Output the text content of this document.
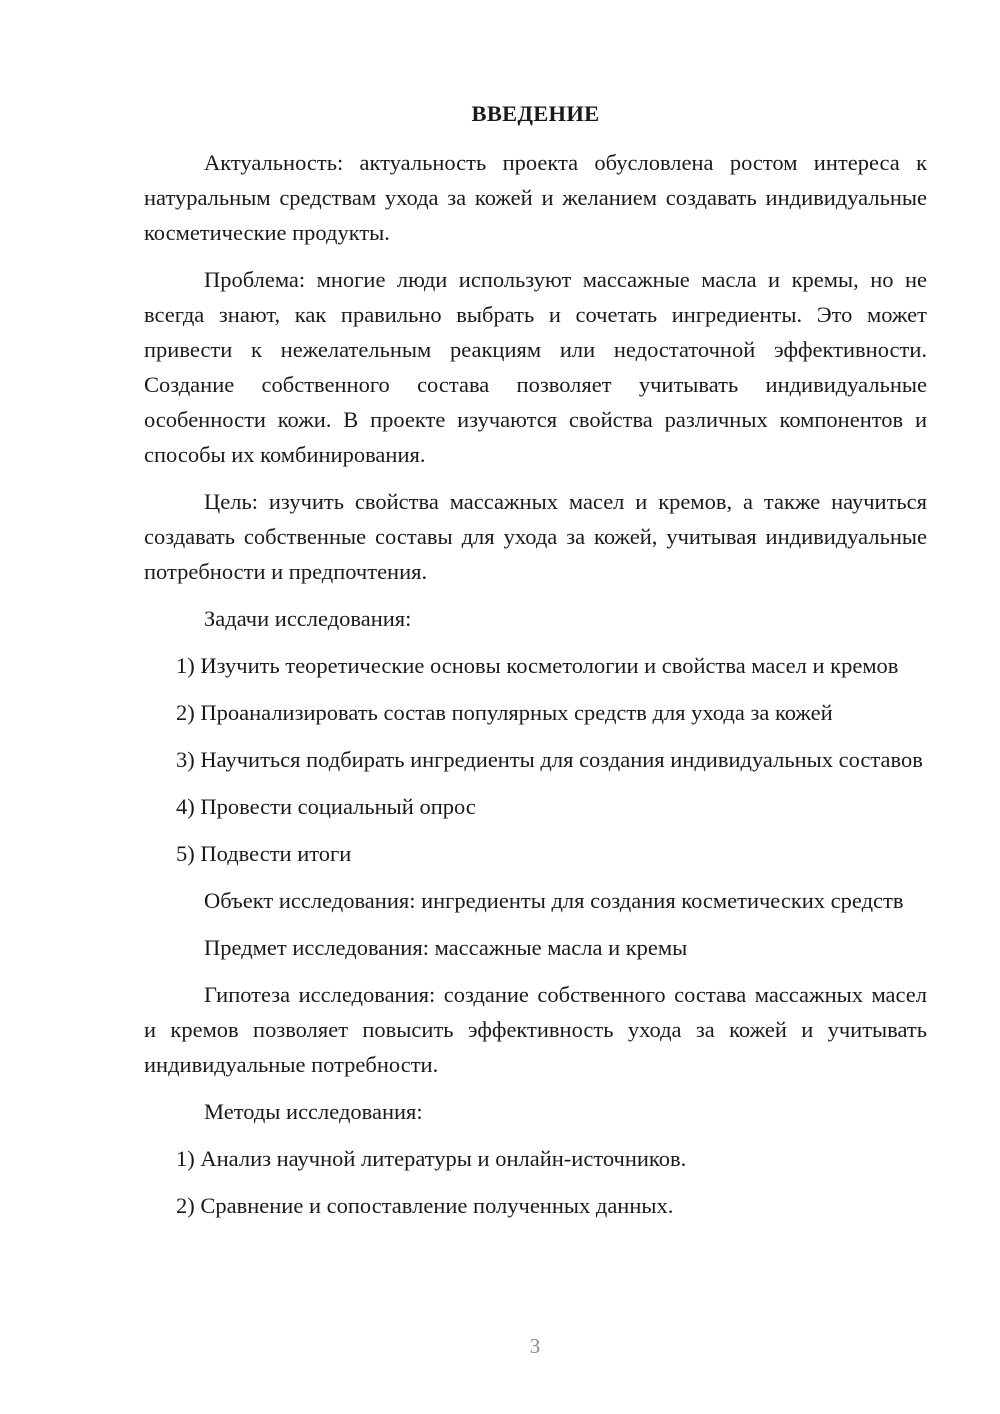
ВВЕДЕНИЕ

Актуальность: актуальность проекта обусловлена ростом интереса к натуральным средствам ухода за кожей и желанием создавать индивидуальные косметические продукты.

Проблема: многие люди используют массажные масла и кремы, но не всегда знают, как правильно выбрать и сочетать ингредиенты. Это может привести к нежелательным реакциям или недостаточной эффективности. Создание собственного состава позволяет учитывать индивидуальные особенности кожи. В проекте изучаются свойства различных компонентов и способы их комбинирования.

Цель: изучить свойства массажных масел и кремов, а также научиться создавать собственные составы для ухода за кожей, учитывая индивидуальные потребности и предпочтения.

Задачи исследования:

1) Изучить теоретические основы косметологии и свойства масел и кремов

2) Проанализировать состав популярных средств для ухода за кожей

3) Научиться подбирать ингредиенты для создания индивидуальных составов

4) Провести социальный опрос

5) Подвести итоги

Объект исследования: ингредиенты для создания косметических средств

Предмет исследования: массажные масла и кремы

Гипотеза исследования: создание собственного состава массажных масел и кремов позволяет повысить эффективность ухода за кожей и учитывать индивидуальные потребности.

Методы исследования:

1) Анализ научной литературы и онлайн-источников.

2) Сравнение и сопоставление полученных данных.

3
